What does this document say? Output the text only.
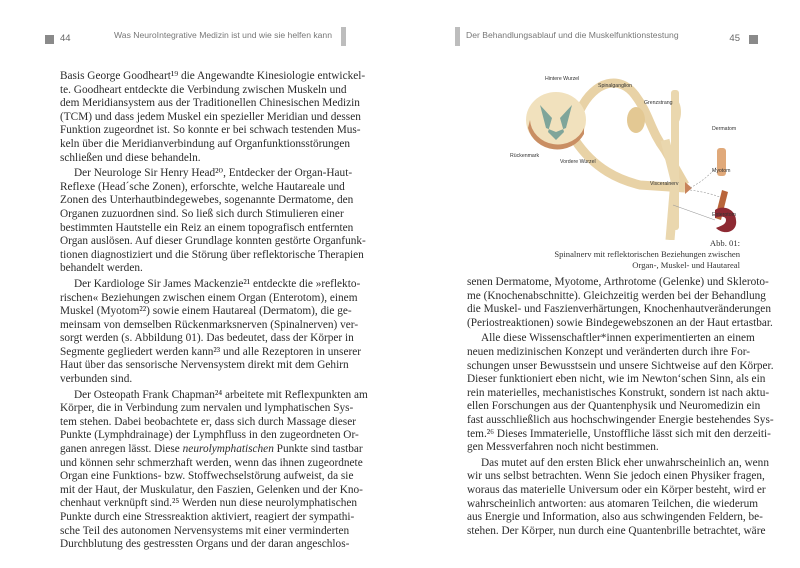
44	Was NeuroIntegrative Medizin ist und wie sie helfen kann	Der Behandlungsablauf und die Muskelfunktionstestung	45
Basis George Goodheart¹⁹ die Angewandte Kinesiologie entwickel-
te. Goodheart entdeckte die Verbindung zwischen Muskeln und
dem Meridiansystem aus der Traditionellen Chinesischen Medizin
(TCM) und dass jedem Muskel ein spezieller Meridian und dessen
Funktion zugeordnet ist. So konnte er bei schwach testenden Mus-
keln über die Meridianverbindung auf Organfunktionsstörungen
schließen und diese behandeln.
Der Neurologe Sir Henry Head²⁰, Entdecker der Organ-Haut-
Reflexe (Head´sche Zonen), erforschte, welche Hautareale und
Zonen des Unterhautbindegewebes, sogenannte Dermatome, den
Organen zuzuordnen sind. So ließ sich durch Stimulieren einer
bestimmten Hautstelle ein Reiz an einem topografisch entfernten
Organ auslösen. Auf dieser Grundlage konnten gestörte Organfunk-
tionen diagnostiziert und die Störung über reflektorische Therapien
behandelt werden.
Der Kardiologe Sir James Mackenzie²¹ entdeckte die »reflekto-
rischen« Beziehungen zwischen einem Organ (Enterotom), einem
Muskel (Myotom²²) sowie einem Hautareal (Dermatom), die ge-
meinsam von demselben Rückenmarksnerven (Spinalnerven) ver-
sorgt werden (s. Abbildung 01). Das bedeutet, dass der Körper in
Segmente gegliedert werden kann²³ und alle Rezeptoren in unserer
Haut über das sensorische Nervensystem direkt mit dem Gehirn
verbunden sind.
Der Osteopath Frank Chapman²⁴ arbeitete mit Reflexpunkten am
Körper, die in Verbindung zum nervalen und lymphatischen Sys-
tem stehen. Dabei beobachtete er, dass sich durch Massage dieser
Punkte (Lymphdrainage) der Lymphfluss in den zugeordneten Or-
ganen anregen lässt. Diese neurolymphatischen Punkte sind tastbar
und können sehr schmerzhaft werden, wenn das ihnen zugeordnete
Organ eine Funktions- bzw. Stoffwechselstörung aufweist, da sie
mit der Haut, der Muskulatur, den Faszien, Gelenken und der Kno-
chenhaut verknüpft sind.²⁵ Werden nun diese neurolymphatischen
Punkte durch eine Stressreaktion aktiviert, reagiert der sympathi-
sche Teil des autonomen Nervensystems mit einer verminderten
Durchblutung des gestressten Organs und der daran angeschlos-
senen Dermatome, Myotome, Arthrotome (Gelenke) und Skleroto-
me (Knochenabschnitte). Gleichzeitig werden bei der Behandlung
die Muskel- und Faszienverhärtungen, Knochenhautveränderungen
(Periostreaktionen) sowie Bindegewebszonen an der Haut ertastbar.
Alle diese Wissenschaftler*innen experimentierten an einem
neuen medizinischen Konzept und veränderten durch ihre For-
schungen unser Bewusstsein und unsere Sichtweise auf den Körper.
Dieser funktioniert eben nicht, wie im Newton‘schen Sinn, als ein
rein materielles, mechanistisches Konstrukt, sondern ist nach aktu-
ellen Forschungen aus der Quantenphysik und Neuromedizin ein
fast ausschließlich aus hochschwingender Energie bestehendes Sys-
tem.²⁶ Dieses Immaterielle, Unstoffliche lässt sich mit den derzeiti-
gen Messverfahren noch nicht bestimmen.
Das mutet auf den ersten Blick eher unwahrscheinlich an, wenn
wir uns selbst betrachten. Wenn Sie jedoch einen Physiker fragen,
woraus das materielle Universum oder ein Körper besteht, wird er
wahrscheinlich antworten: aus atomaren Teilchen, die wiederum
aus Energie und Information, also aus schwingenden Feldern, be-
stehen. Der Körper, nun durch eine Quantenbrille betrachtet, wäre
Hintere Wurzel
Spinalganglion
Grenzstrang
Dermatom
Rückenmark
Vordere Wurzel
Myotom
Visceralnerv
Enterotom
Abb. 01:
Spinalnerv mit reflektorischen Beziehungen zwischen
Organ-, Muskel- und Hautareal
